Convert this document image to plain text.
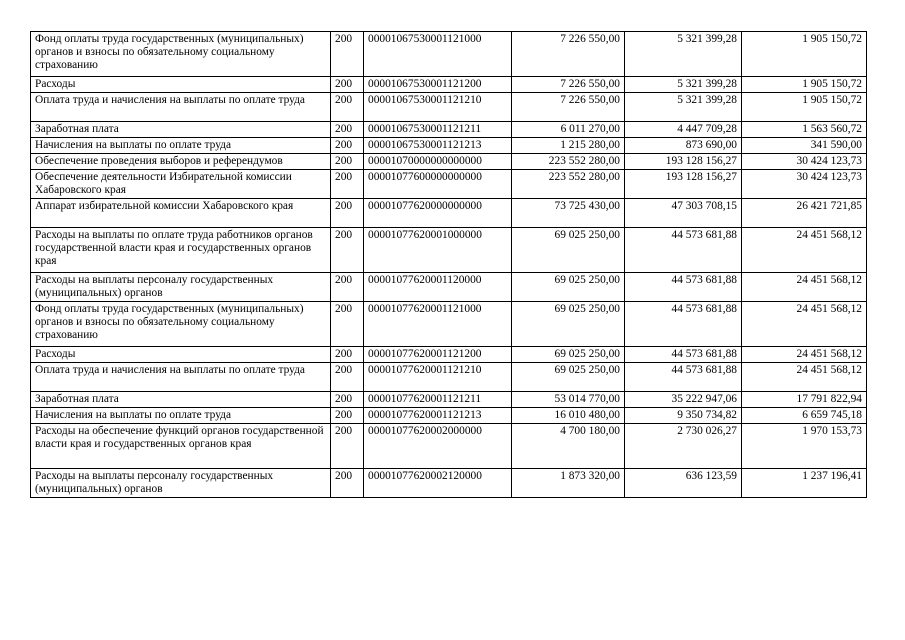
Фонд оплаты труда государственных (муниципальных) органов и взносы по обязательному социальному страхованию	200	00001067530001121000	7 226 550,00	5 321 399,28	1 905 150,72
Расходы	200	00001067530001121200	7 226 550,00	5 321 399,28	1 905 150,72
Оплата труда и начисления на выплаты по оплате труда	200	00001067530001121210	7 226 550,00	5 321 399,28	1 905 150,72
Заработная плата	200	00001067530001121211	6 011 270,00	4 447 709,28	1 563 560,72
Начисления на выплаты по оплате труда	200	00001067530001121213	1 215 280,00	873 690,00	341 590,00
Обеспечение проведения выборов и референдумов	200	00001070000000000000	223 552 280,00	193 128 156,27	30 424 123,73
Обеспечение деятельности Избирательной комиссии Хабаровского края	200	00001077600000000000	223 552 280,00	193 128 156,27	30 424 123,73
Аппарат избирательной комиссии Хабаровского края	200	00001077620000000000	73 725 430,00	47 303 708,15	26 421 721,85
Расходы на выплаты по оплате труда работников органов государственной власти края и государственных органов края	200	00001077620001000000	69 025 250,00	44 573 681,88	24 451 568,12
Расходы на выплаты персоналу государственных (муниципальных) органов	200	00001077620001120000	69 025 250,00	44 573 681,88	24 451 568,12
Фонд оплаты труда государственных (муниципальных) органов и взносы по обязательному социальному страхованию	200	00001077620001121000	69 025 250,00	44 573 681,88	24 451 568,12
Расходы	200	00001077620001121200	69 025 250,00	44 573 681,88	24 451 568,12
Оплата труда и начисления на выплаты по оплате труда	200	00001077620001121210	69 025 250,00	44 573 681,88	24 451 568,12
Заработная плата	200	00001077620001121211	53 014 770,00	35 222 947,06	17 791 822,94
Начисления на выплаты по оплате труда	200	00001077620001121213	16 010 480,00	9 350 734,82	6 659 745,18
Расходы на обеспечение функций органов государственной власти края и государственных органов края	200	00001077620002000000	4 700 180,00	2 730 026,27	1 970 153,73
Расходы на выплаты персоналу государственных (муниципальных) органов	200	00001077620002120000	1 873 320,00	636 123,59	1 237 196,41
